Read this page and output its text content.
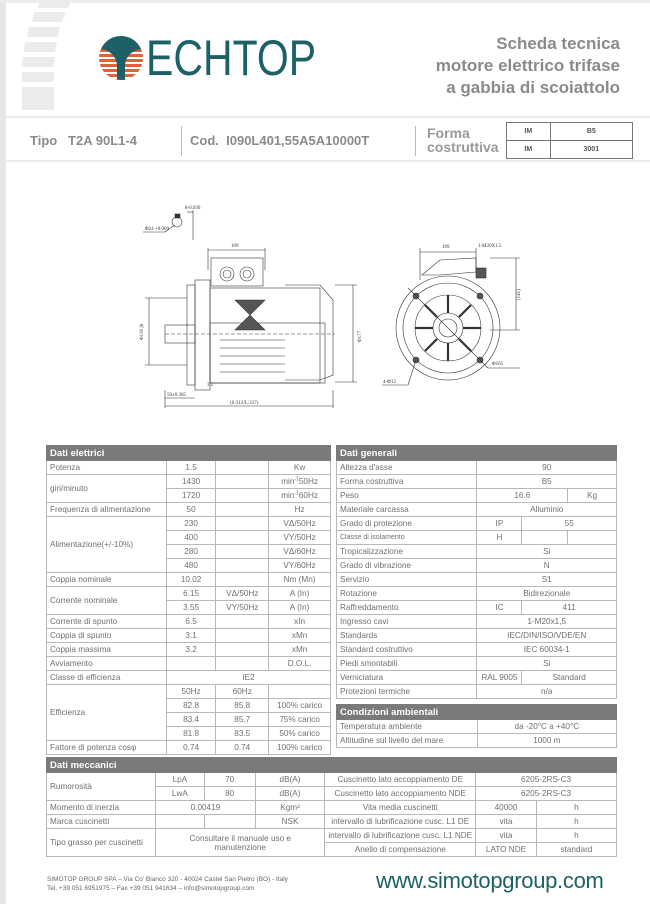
ECHTOP	Scheda tecnica
motore elettrico trifase
a gabbia di scoiattolo
Tipo T2A 90L1-4	Cod. I090L401,55A5A10000T	Forma
costruttiva
IM	B5
IM	3001
Φ24 +0.009
8-0.036
109
Φ130 j6	Φ177
3.5
50±0.305
(S:312/L:337)
109	1-M20X1.5
(141)
Φ165
4-Φ12
Dati elettrici			
Potenza	1.5		Kw
giri/minuto	1430		$\min^{-1}50Hz$
	1720		$\min^{-1}60Hz$
Frequenza di alimentazione	50		Hz
Alimentazione(+/-10%)	230		VΔ/50Hz
	400		VY/50Hz
	280		VΔ/60Hz
	480		VY/60Hz
Coppia nominale	10.02		Nm (Mn)
Corrente nominale	6.15	VΔ/50Hz	A (In)
	3.55	VY/50Hz	A (In)
Corrente di spunto	6.5		xIn
Coppia di spunto	3.1		xMn
Coppia massima	3.2		xMn
Avviamento			D.O.L.
Classe di efficienza	IE2		
Efficienza	50Hz	60Hz	
	82.8	85.8	100% carico
	83.4	85.7	75% carico
	81.8	83.5	50% carico
Fattore di potenza cosφ	0.74	0.74	100% carico
Dati generali			
Altezza d'asse	90		
Forma costruttiva	B5		
Peso	16.6		Kg
Materiale carcassa	Alluminio		
Grado di protezione	IP	55	
Classe di isolamento	H		
Tropicalizzazione	Si		
Grado di vibrazione	N		
Servizio	S1		
Rotazione	Bidirezionale		
Raffreddamento	IC	411	
Ingresso cavi	1-M20x1,5		
Standards	IEC/DIN/ISO/VDE/EN		
Standard costruttivo	IEC 60034-1		
Piedi smontabili	Si		
Verniciatura	RAL 9005	Standard	
Protezioni termiche	n/a		
Condizioni ambientali	
Temperatura ambiente	da -20°C a +40°C
Altitudine sul livello del mare	1000 m
Dati meccanici						
Rumorosità	LpA	70	dB(A)	Cuscinetto lato accoppiamento DE	6205-2RS-C3	
	LwA	80	dB(A)	Cuscinetto lato accoppiamento NDE	6205-2RS-C3	
Momento di inerzia	0.00419		Kgm²	Vita media cuscinetti	40000	h
Marca cuscinetti			NSK	intervallo di lubrificazione cusc. L1 DE	vita	h
Tipo grasso per cuscinetti	Consultare il manuale uso e
manutenzione			intervallo di lubrificazione cusc. L1 NDE	vita	h
				Anello di compensazione	LATO NDE	standard
SIMOTOP GROUP SPA – Via Co' Bianco 320 - 40024 Castel San Pietro (BO) - Italy
Tel. +39 051 6951975 – Fax +39 051 941634 – info@simotopgroup.com	www.simotopgroup.com
